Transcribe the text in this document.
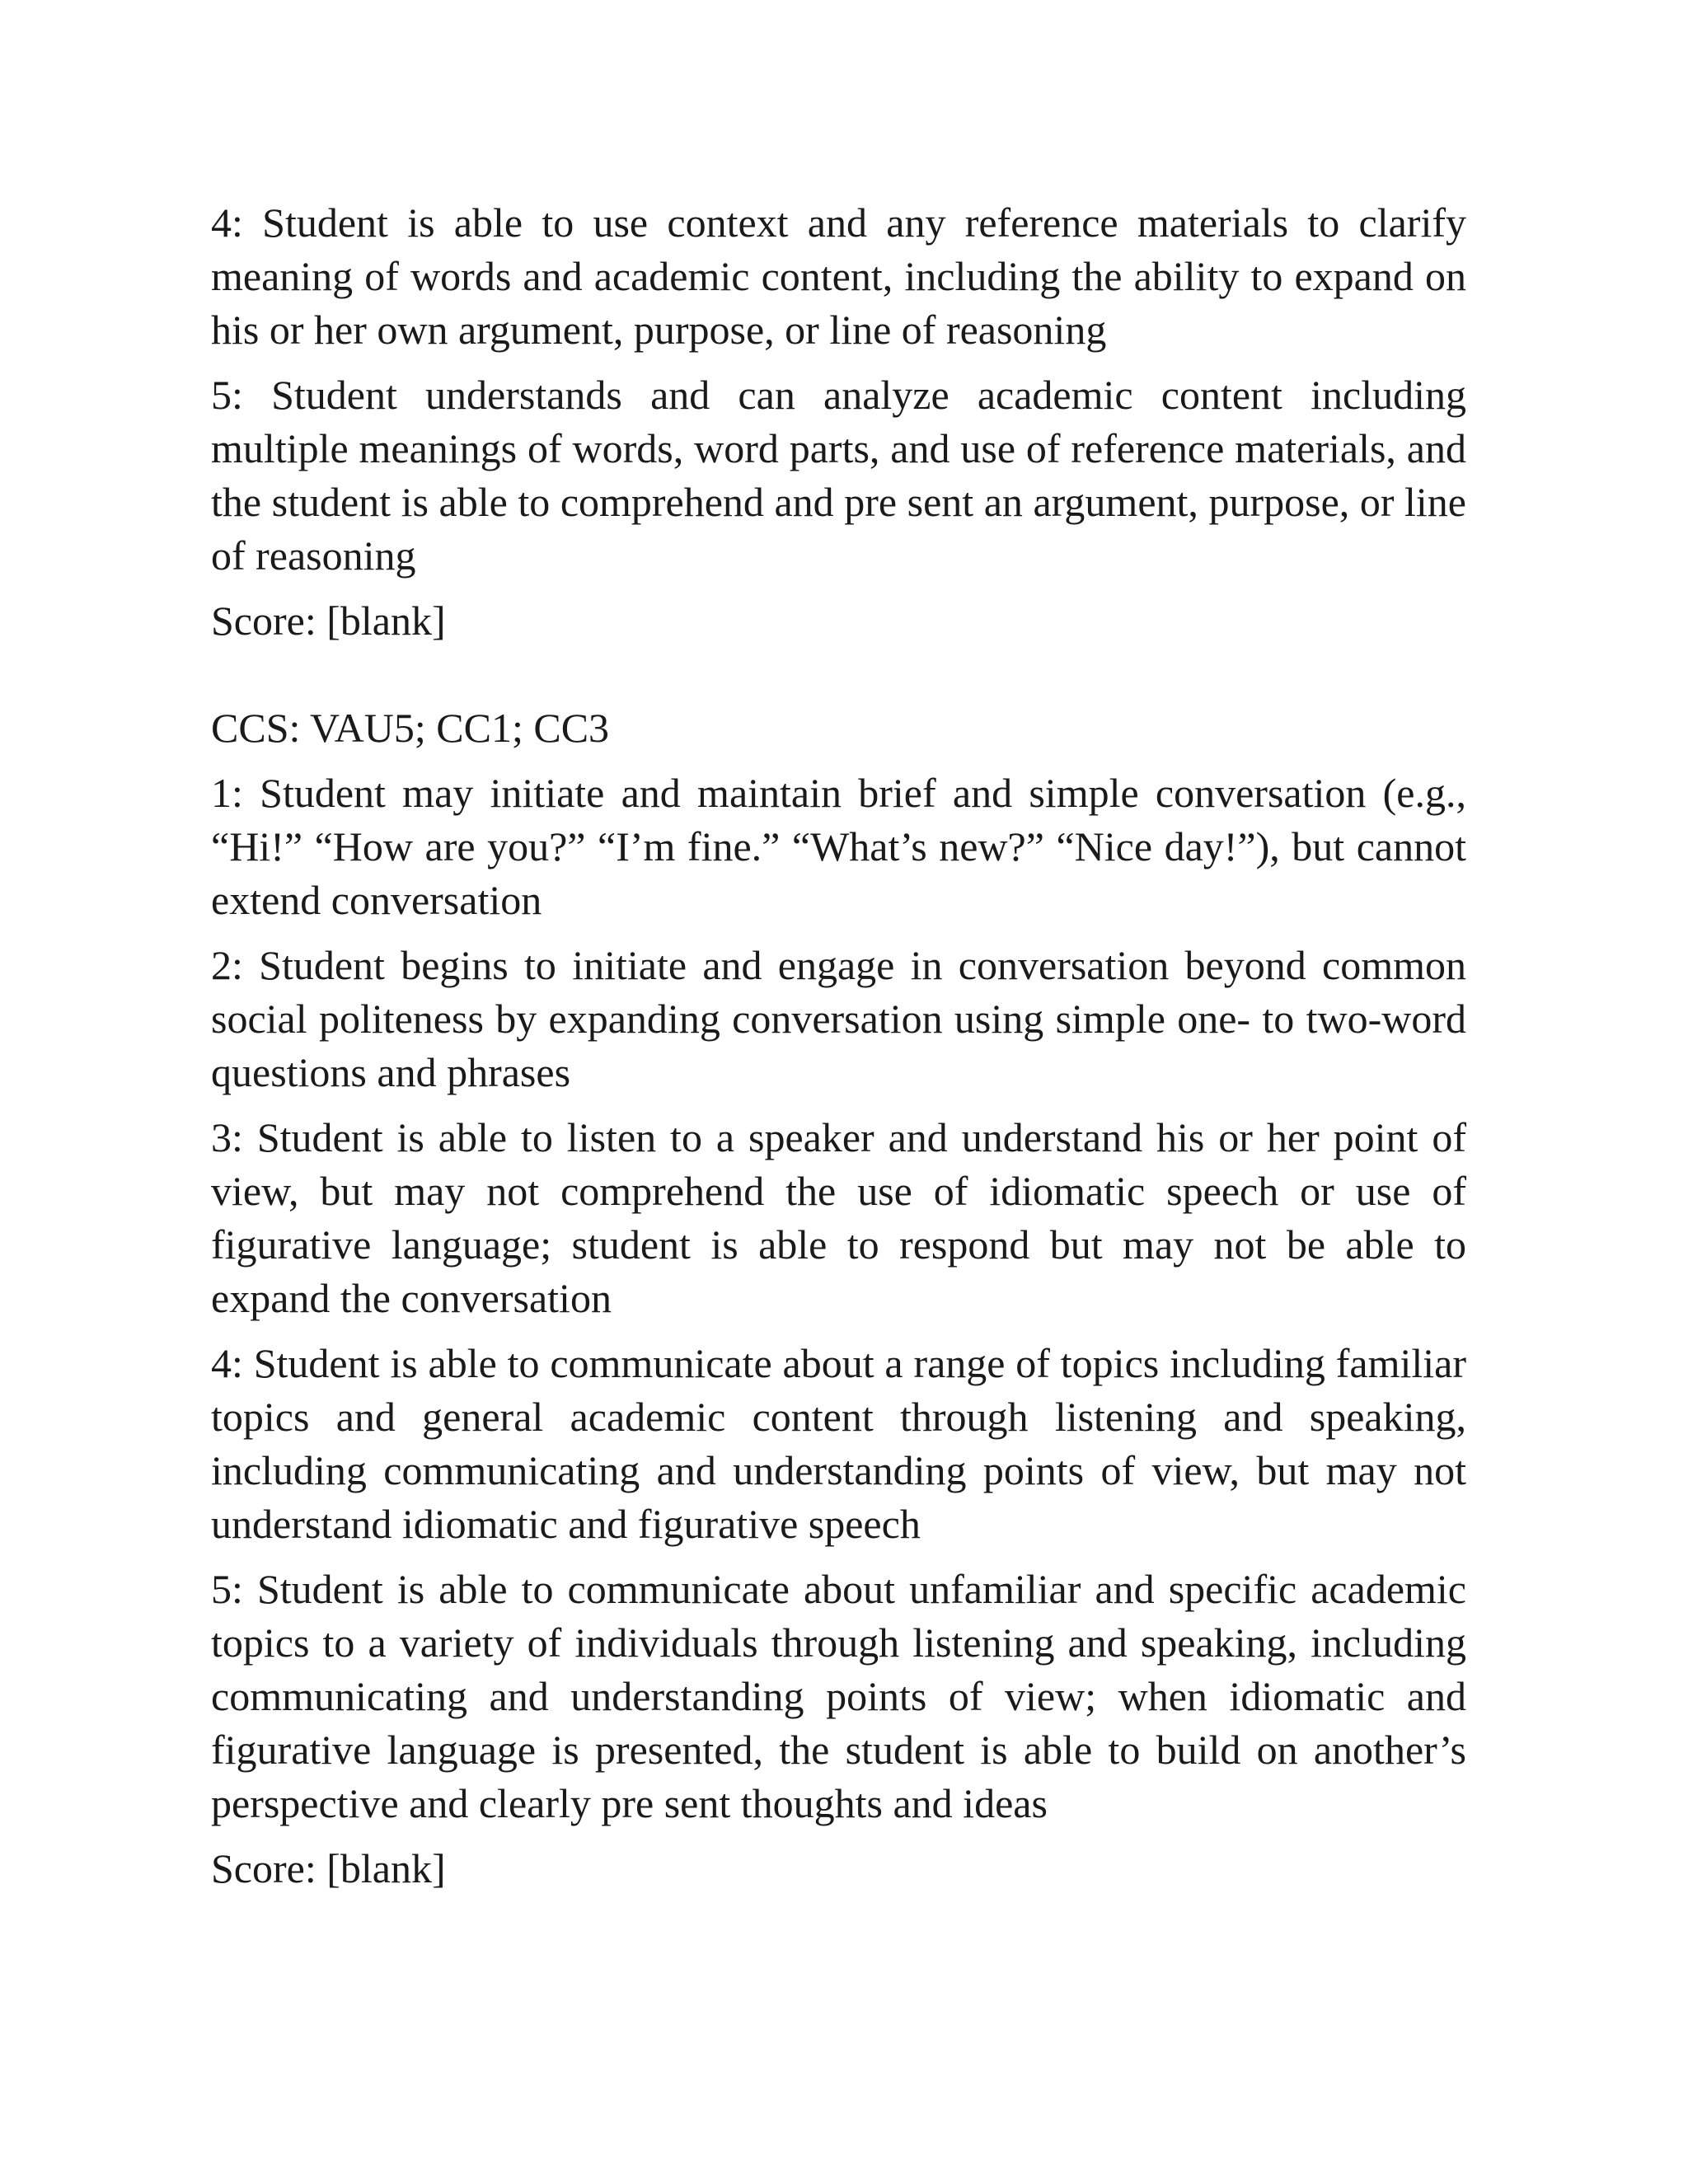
4: Student is able to use context and any reference materials to clarify meaning of words and academic content, including the ability to expand on his or her own argument, purpose, or line of reasoning

5: Student understands and can analyze academic content including multiple meanings of words, word parts, and use of reference materials, and the student is able to comprehend and pre sent an argument, purpose, or line of reasoning

Score: [blank]

CCS: VAU5; CC1; CC3

1: Student may initiate and maintain brief and simple conversation (e.g., “Hi!” “How are you?” “I’m fine.” “What’s new?” “Nice day!”), but cannot extend conversation

2: Student begins to initiate and engage in conversation beyond common social politeness by expanding conversation using simple one- to two-word questions and phrases

3: Student is able to listen to a speaker and understand his or her point of view, but may not comprehend the use of idiomatic speech or use of figurative language; student is able to respond but may not be able to expand the conversation

4: Student is able to communicate about a range of topics including familiar topics and general academic content through listening and speaking, including communicating and understanding points of view, but may not understand idiomatic and figurative speech

5: Student is able to communicate about unfamiliar and specific academic topics to a variety of individuals through listening and speaking, including communicating and understanding points of view; when idiomatic and figurative language is presented, the student is able to build on another’s perspective and clearly pre sent thoughts and ideas

Score: [blank]
